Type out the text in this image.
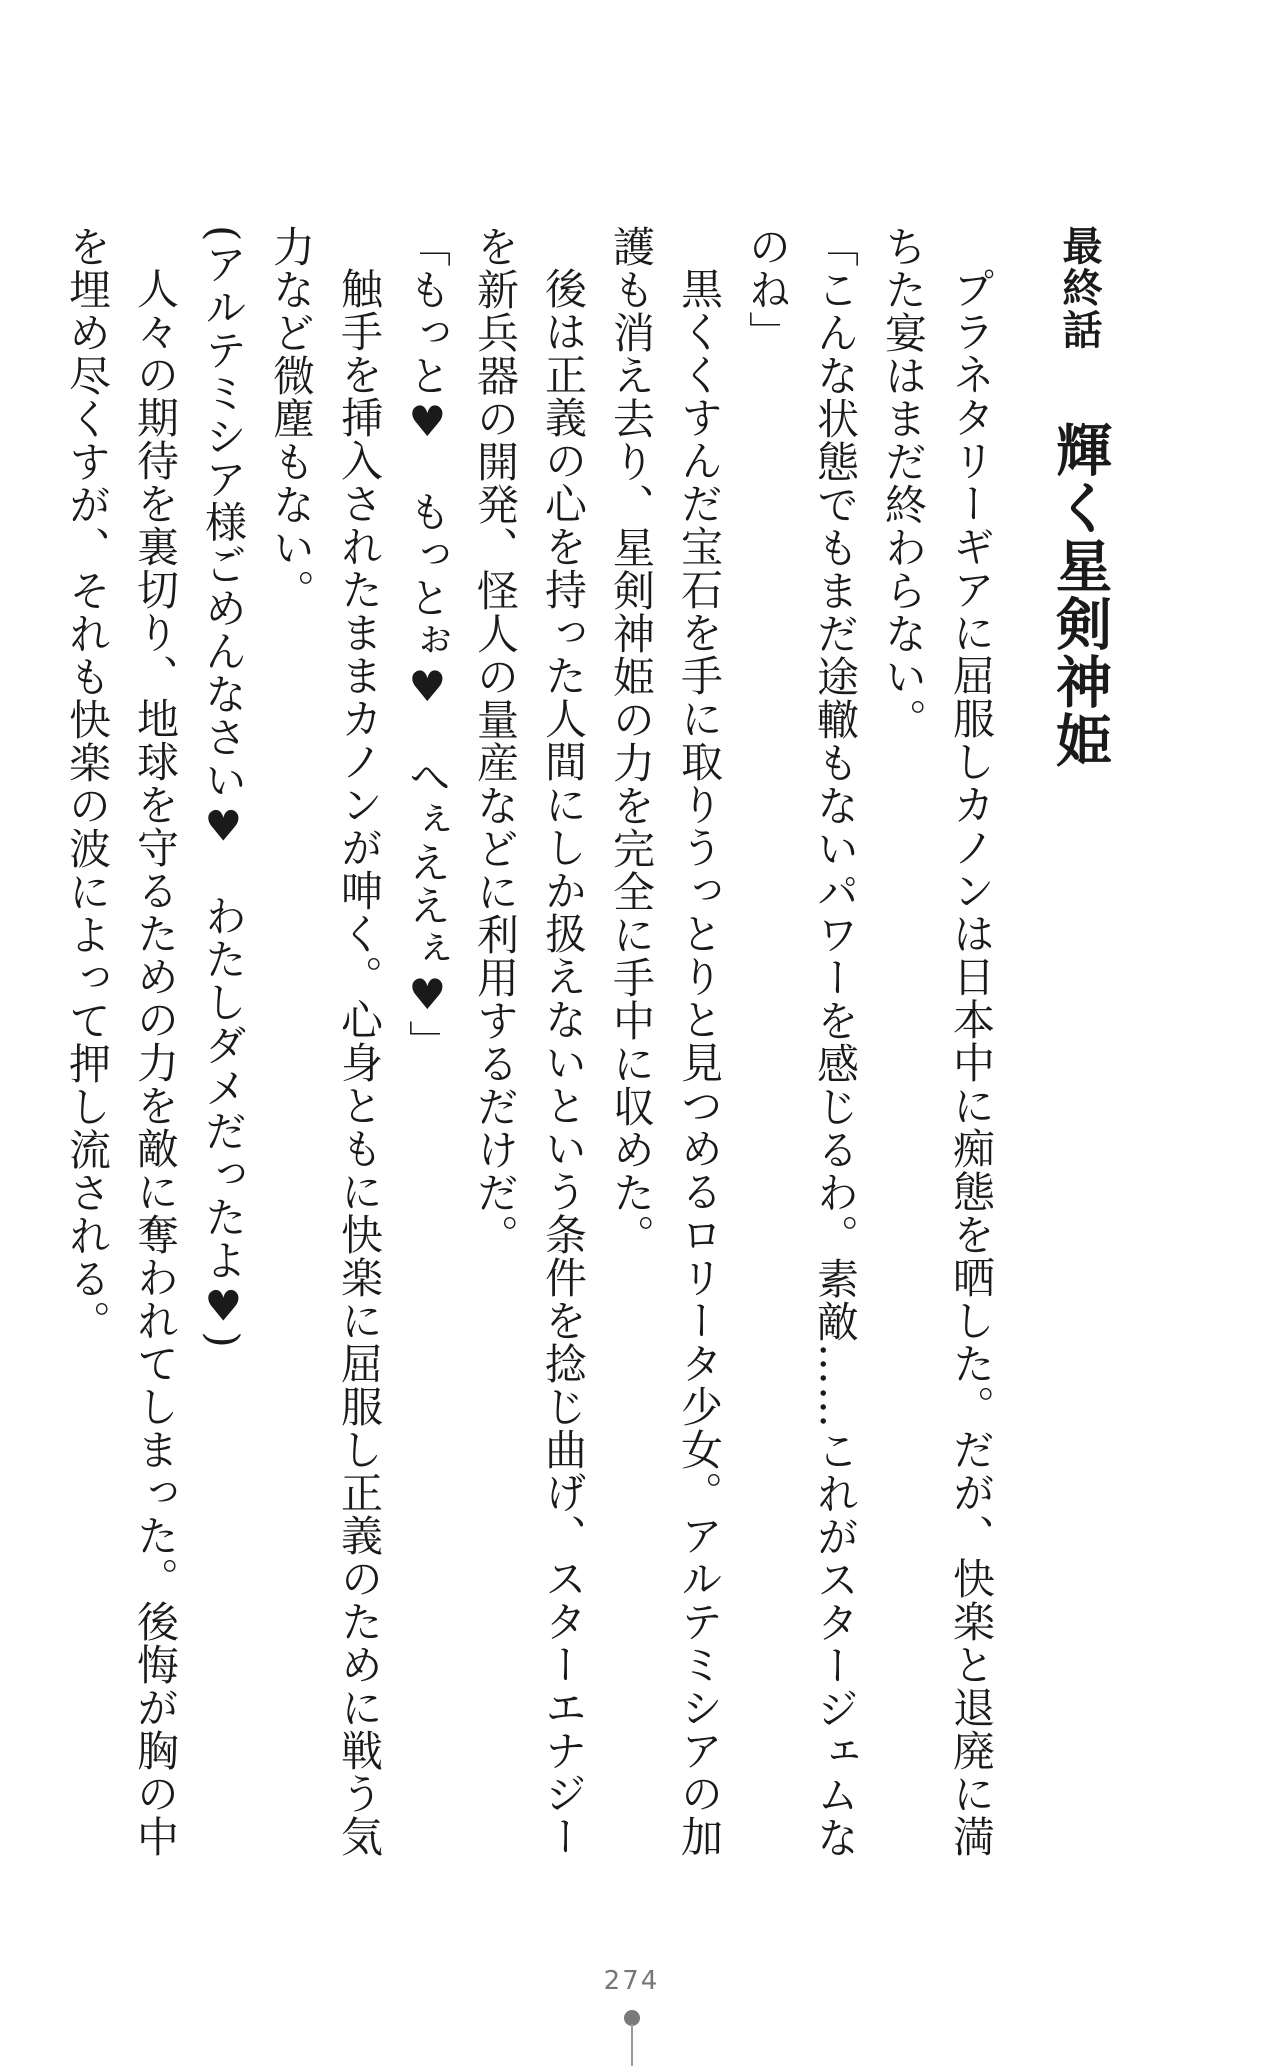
最終話 輝く星剣神姫

プラネタリーギアに屈服しカノンは日本中に痴態を晒した。だが、快楽と退廃に満ちた宴はまだ終わらない。

「こんな状態でもまだ途轍もないパワーを感じるわ。素敵……これがスタージェムなのね」

黒くくすんだ宝石を手に取りうっとりと見つめるロリータ少女。アルテミシアの加護も消え去り、星剣神姫の力を完全に手中に収めた。

後は正義の心を持った人間にしか扱えないという条件を捻じ曲げ、スターエナジーを新兵器の開発、怪人の量産などに利用するだけだ。

「もっと♥　もっとぉ♥　へぇええぇ♥」

触手を挿入されたままカノンが呻く。心身ともに快楽に屈服し正義のために戦う気力など微塵もない。

(アルテミシア様ごめんなさい♥　わたしダメだったよ♥)

人々の期待を裏切り、地球を守るための力を敵に奪われてしまった。後悔が胸の中を埋め尽くすが、それも快楽の波によって押し流される。

274
